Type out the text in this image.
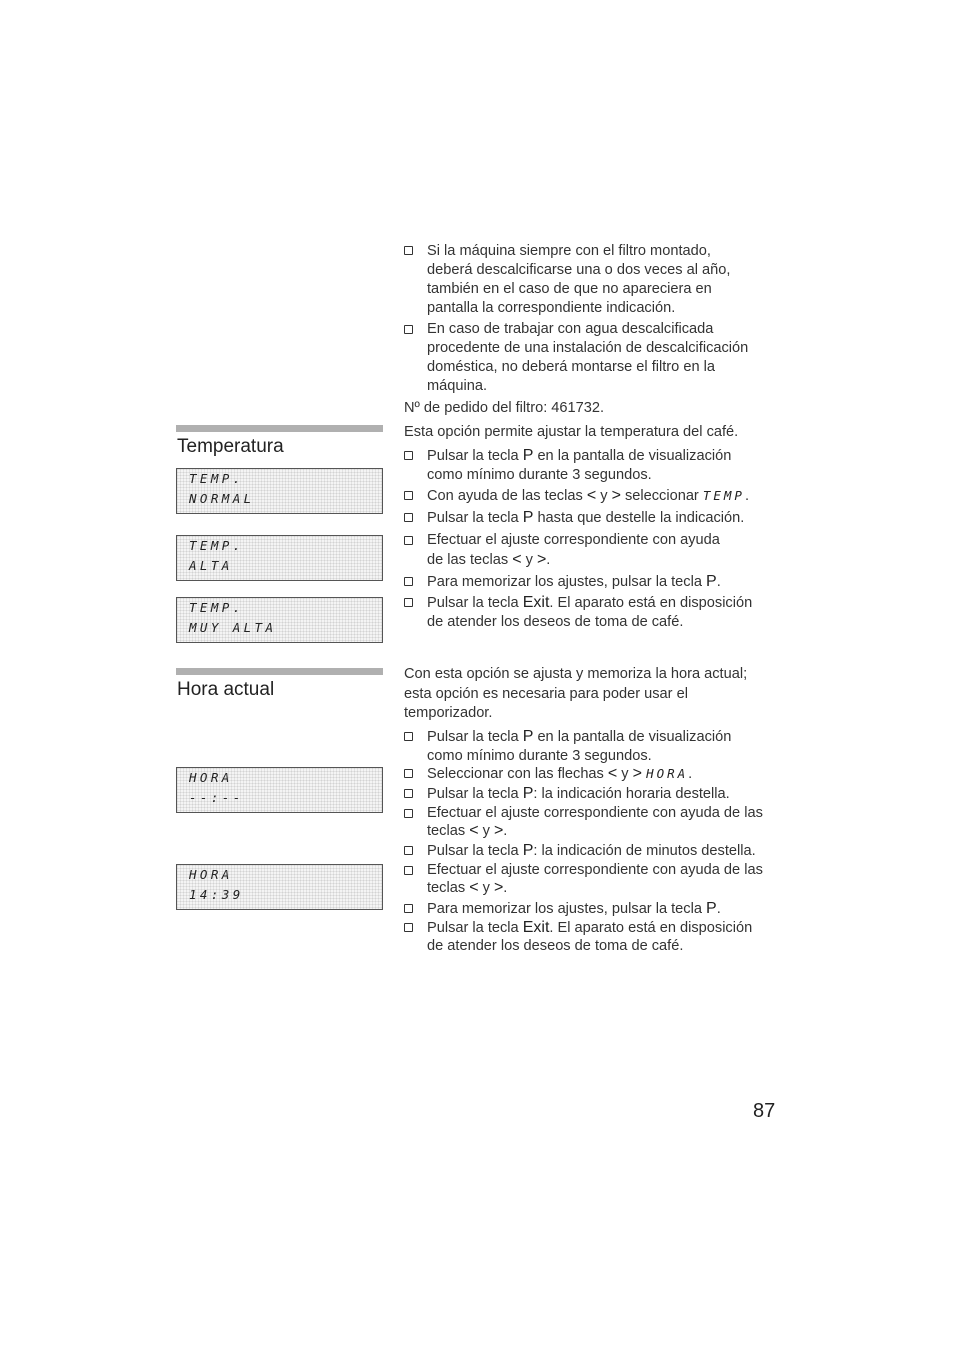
Si la máquina siempre con el filtro montado,
deberá descalcificarse una o dos veces al año,
también en el caso de que no apareciera en
pantalla la correspondiente indicación.
En caso de trabajar con agua descalcificada
procedente de una instalación de descalcificación
doméstica, no deberá montarse el filtro en la
máquina.
Nº de pedido del filtro: 461732.
Temperatura
TEMP.
NORMAL
TEMP.
ALTA
TEMP.
MUY ALTA
Esta opción permite ajustar la temperatura del café.
Pulsar la tecla P en la pantalla de visualización
como mínimo durante 3 segundos.
Con ayuda de las teclas < y > seleccionar TEMP.
Pulsar la tecla P hasta que destelle la indicación.
Efectuar el ajuste correspondiente con ayuda
de las teclas < y >.
Para memorizar los ajustes, pulsar la tecla P.
Pulsar la tecla Exit. El aparato está en disposición
de atender los deseos de toma de café.
Hora actual
HORA
--:--
HORA
14:39
Con esta opción se ajusta y memoriza la hora actual;
esta opción es necesaria para poder usar el
temporizador.
Pulsar la tecla P en la pantalla de visualización
como mínimo durante 3 segundos.
Seleccionar con las flechas < y > HORA.
Pulsar la tecla P: la indicación horaria destella.
Efectuar el ajuste correspondiente con ayuda de las
teclas < y >.
Pulsar la tecla P: la indicación de minutos destella.
Efectuar el ajuste correspondiente con ayuda de las
teclas < y >.
Para memorizar los ajustes, pulsar la tecla P.
Pulsar la tecla Exit. El aparato está en disposición
de atender los deseos de toma de café.
87
